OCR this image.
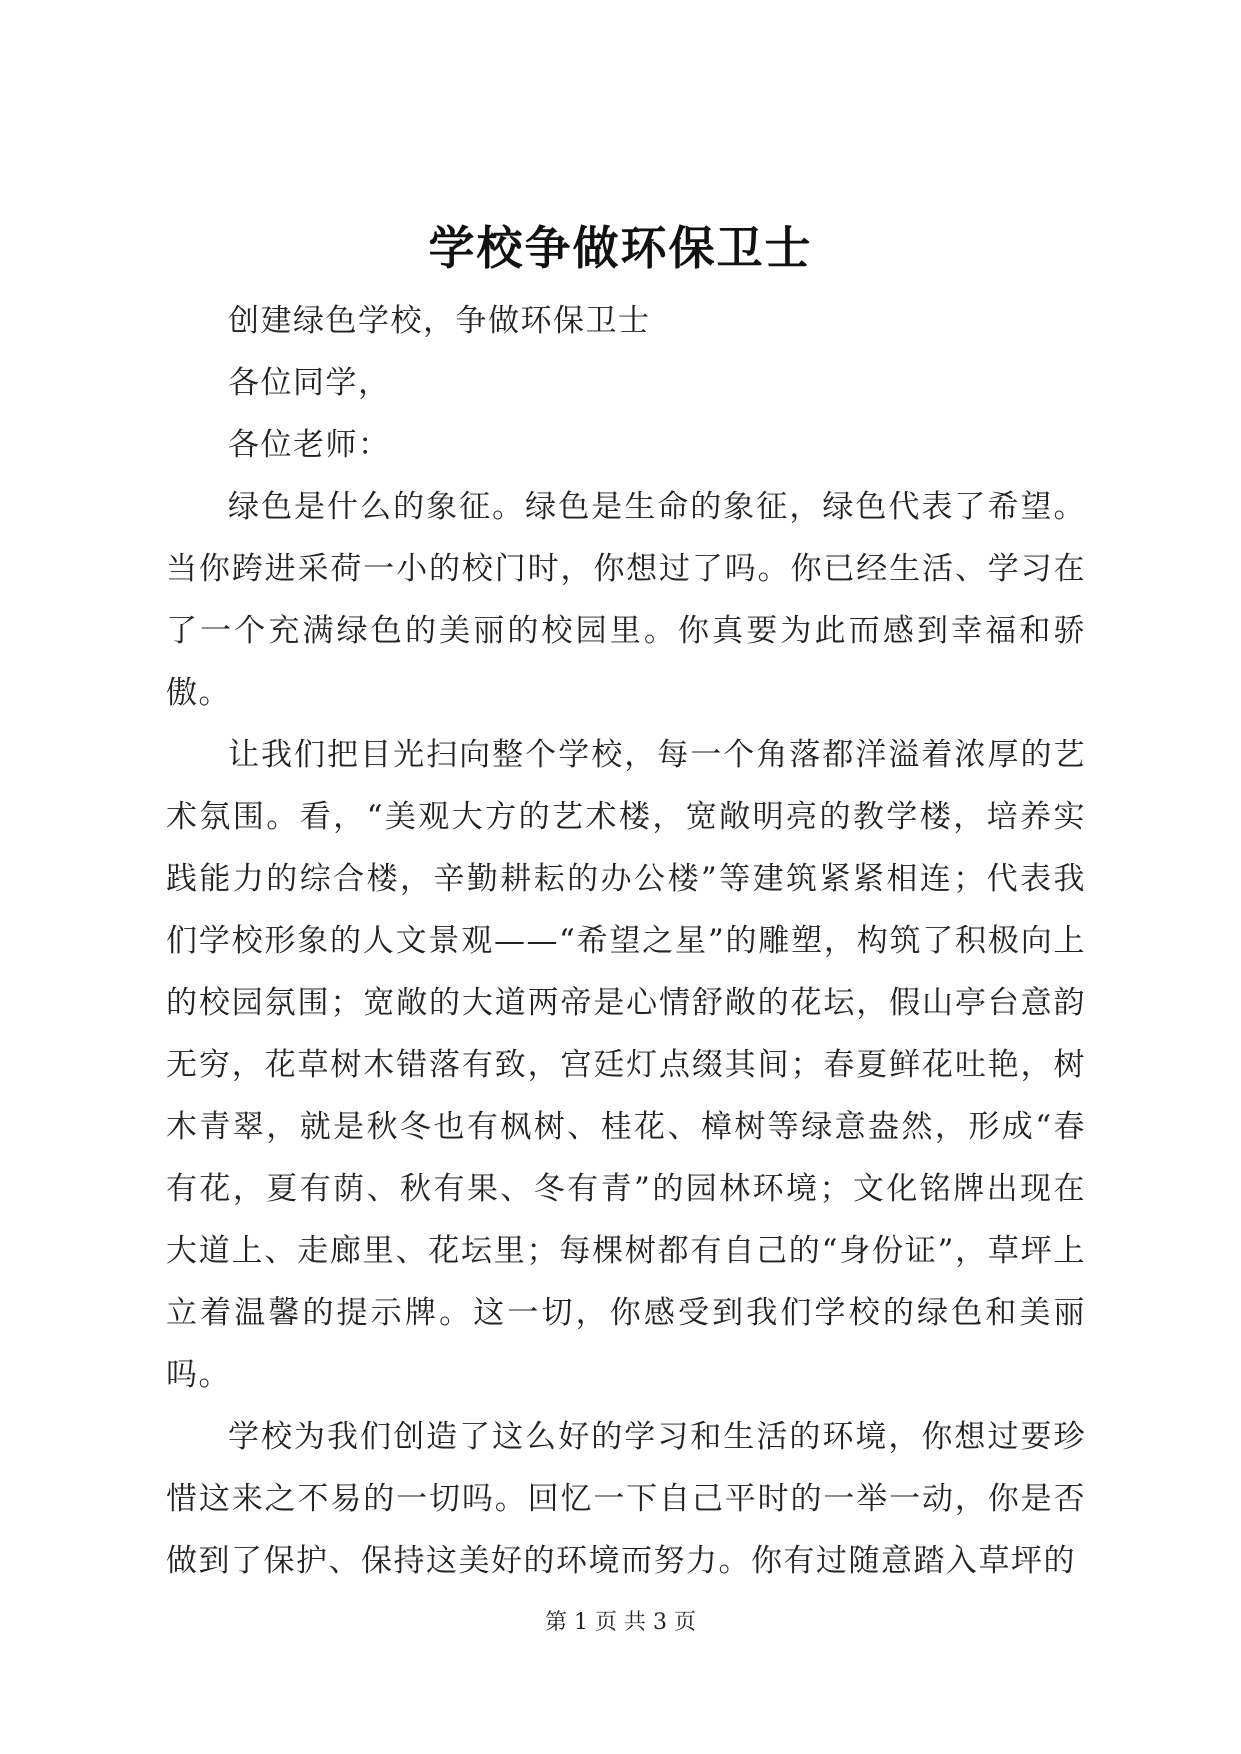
学校争做环保卫士

创建绿色学校，争做环保卫士

各位同学，

各位老师：

绿色是什么的象征。绿色是生命的象征，绿色代表了希望。当你跨进采荷一小的校门时，你想过了吗。你已经生活、学习在了一个充满绿色的美丽的校园里。你真要为此而感到幸福和骄傲。

让我们把目光扫向整个学校，每一个角落都洋溢着浓厚的艺术氛围。看，“美观大方的艺术楼，宽敞明亮的教学楼，培养实践能力的综合楼，辛勤耕耘的办公楼”等建筑紧紧相连；代表我们学校形象的人文景观——“希望之星”的雕塑，构筑了积极向上的校园氛围；宽敞的大道两帝是心情舒敞的花坛，假山亭台意韵无穷，花草树木错落有致，宫廷灯点缀其间；春夏鲜花吐艳，树木青翠，就是秋冬也有枫树、桂花、樟树等绿意盎然，形成“春有花，夏有荫、秋有果、冬有青”的园林环境；文化铭牌出现在大道上、走廊里、花坛里；每棵树都有自己的“身份证”，草坪上立着温馨的提示牌。这一切，你感受到我们学校的绿色和美丽吗。

学校为我们创造了这么好的学习和生活的环境，你想过要珍惜这来之不易的一切吗。回忆一下自己平时的一举一动，你是否做到了保护、保持这美好的环境而努力。你有过随意踏入草坪的

第 1 页 共 3 页
